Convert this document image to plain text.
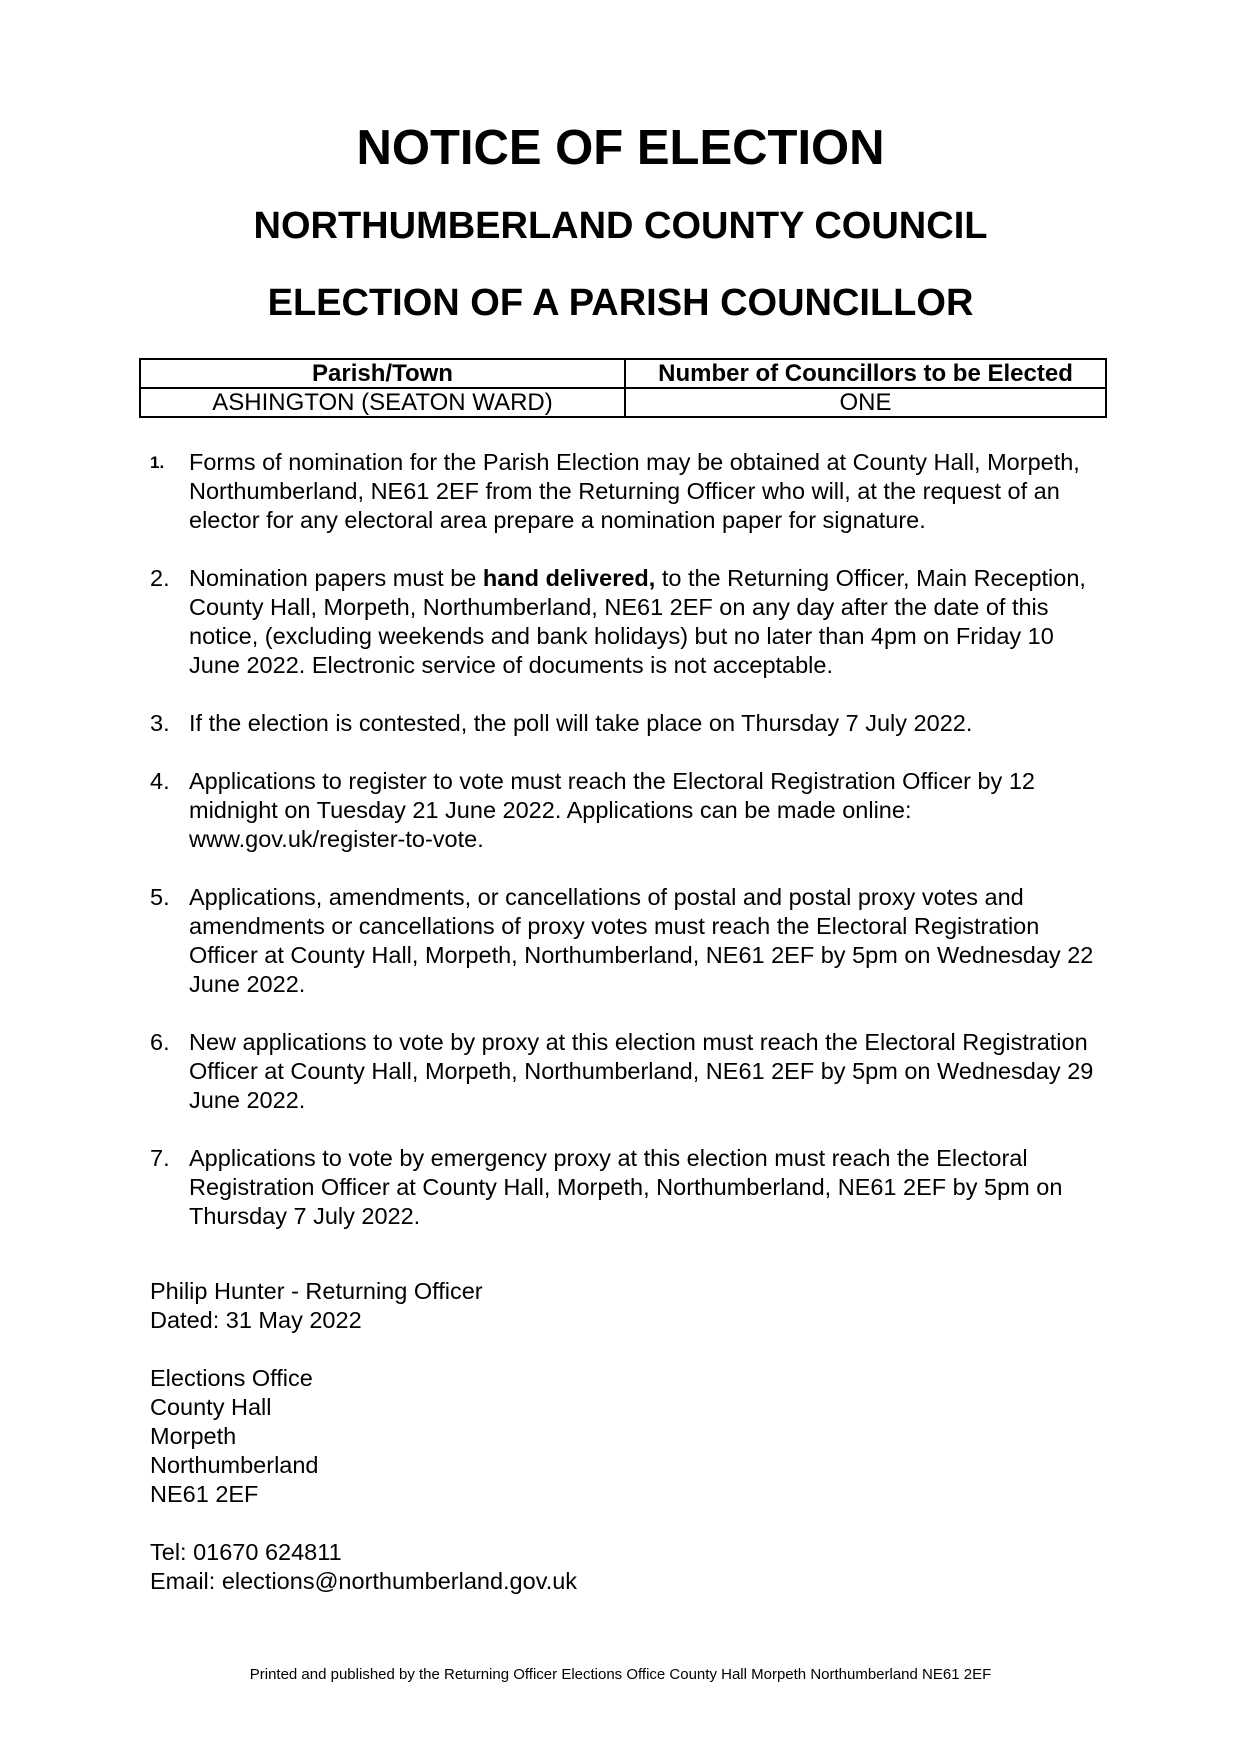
NOTICE OF ELECTION
NORTHUMBERLAND COUNTY COUNCIL
ELECTION OF A PARISH COUNCILLOR
Parish/Town	Number of Councillors to be Elected
ASHINGTON (SEATON WARD)	ONE
1. Forms of nomination for the Parish Election may be obtained at County Hall, Morpeth, Northumberland, NE61 2EF from the Returning Officer who will, at the request of an elector for any electoral area prepare a nomination paper for signature.
2. Nomination papers must be hand delivered, to the Returning Officer, Main Reception, County Hall, Morpeth, Northumberland, NE61 2EF on any day after the date of this notice, (excluding weekends and bank holidays) but no later than 4pm on Friday 10 June 2022. Electronic service of documents is not acceptable.
3. If the election is contested, the poll will take place on Thursday 7 July 2022.
4. Applications to register to vote must reach the Electoral Registration Officer by 12 midnight on Tuesday 21 June 2022. Applications can be made online: www.gov.uk/register-to-vote.
5. Applications, amendments, or cancellations of postal and postal proxy votes and amendments or cancellations of proxy votes must reach the Electoral Registration Officer at County Hall, Morpeth, Northumberland, NE61 2EF by 5pm on Wednesday 22 June 2022.
6. New applications to vote by proxy at this election must reach the Electoral Registration Officer at County Hall, Morpeth, Northumberland, NE61 2EF by 5pm on Wednesday 29 June 2022.
7. Applications to vote by emergency proxy at this election must reach the Electoral Registration Officer at County Hall, Morpeth, Northumberland, NE61 2EF by 5pm on Thursday 7 July 2022.
Philip Hunter - Returning Officer
Dated: 31 May 2022
Elections Office
County Hall
Morpeth
Northumberland
NE61 2EF
Tel: 01670 624811
Email: elections@northumberland.gov.uk
Printed and published by the Returning Officer Elections Office County Hall Morpeth Northumberland NE61 2EF
